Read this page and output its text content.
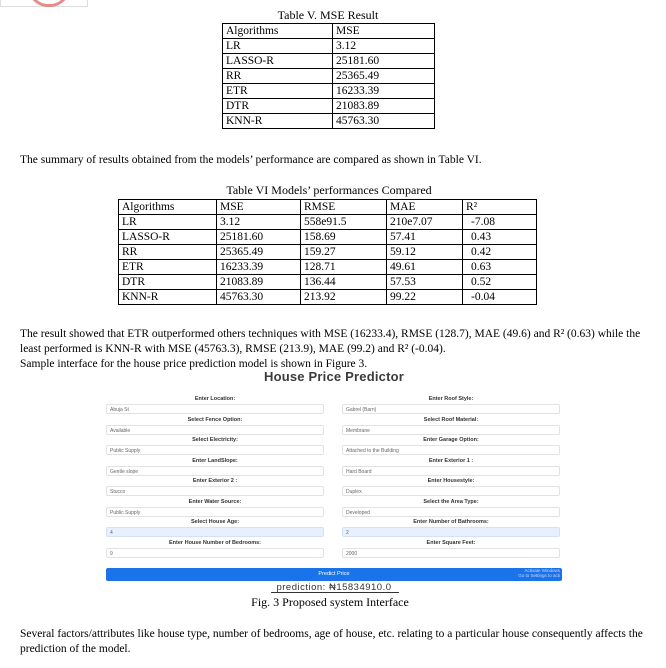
Table V. MSE Result
Algorithms	MSE
LR	3.12
LASSO-R	25181.60
RR	25365.49
ETR	16233.39
DTR	21083.89
KNN-R	45763.30
The summary of results obtained from the models’ performance are compared as shown in Table VI.
Table VI Models’ performances Compared
Algorithms	MSE	RMSE	MAE	R²
LR	3.12	558e91.5	210e7.07	-7.08
LASSO-R	25181.60	158.69	57.41	0.43
RR	25365.49	159.27	59.12	0.42
ETR	16233.39	128.71	49.61	0.63
DTR	21083.89	136.44	57.53	0.52
KNN-R	45763.30	213.92	99.22	-0.04
The result showed that ETR outperformed others techniques with MSE (16233.4), RMSE (128.7), MAE (49.6) and R² (0.63) while the least performed is KNN-R with MSE (45763.3), RMSE (213.9), MAE (99.2) and R² (-0.04).
Sample interface for the house price prediction model is shown in Figure 3.
House Price Predictor
Predict Price
Activate Windows
Go to Settings to acti
prediction: ₦15834910.0
Enter Location:
Abuja St
Enter Roof Style:
Gabrel (Barn)
Select Fence Option:
Available
Select Roof Material:
Membrane
Select Electricity:
Public Supply
Enter Garage Option:
Attached to the Building
Enter LandSlope:
Gentle slope
Enter Exterior 1 :
Hard Board
Enter Exterior 2 :
Stucco
Enter Housestyle:
Duplex
Enter Water Source:
Public Supply
Select the Area Type:
Developed
Select House Age:
4
Enter Number of Bathrooms:
2
Enter House Number of Bedrooms:
9
Enter Square Feet:
2000
Fig. 3 Proposed system Interface
Several factors/attributes like house type, number of bedrooms, age of house, etc. relating to a particular house consequently affects the prediction of the model.
